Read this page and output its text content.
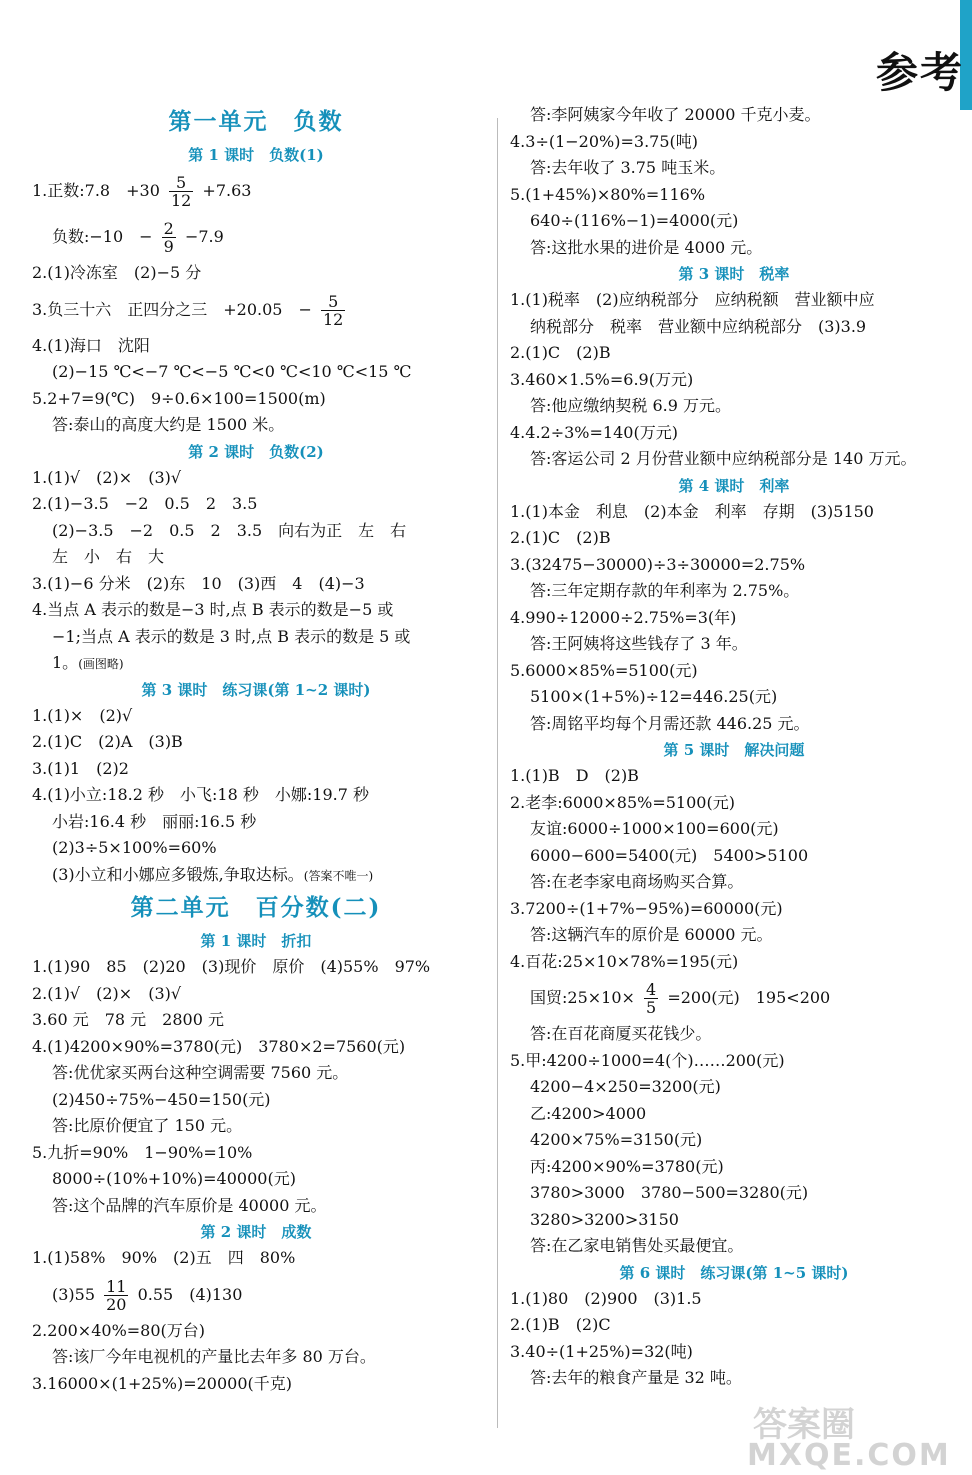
参考
第一单元　负数
第 1 课时　负数(1)
1.正数:7.8　$+30 \frac{5}{12} +7.63$
负数:−10　− $\frac{2}{9} -7.9$
2.(1)冷冻室　(2)−5 分
3.负三十六　正四分之三　+20.05　− $\frac{5}{12}$
4.(1)海口　沈阳
(2)−15 ℃<−7 ℃<−5 ℃<0 ℃<10 ℃<15 ℃
5.2+7=9(℃)　9÷0.6×100=1500(m)
答:泰山的高度大约是 1500 米。
第 2 课时　负数(2)
1.(1)√　(2)×　(3)√
2.(1)−3.5　−2　0.5　2　3.5
(2)−3.5　−2　0.5　2　3.5　向右为正　左　右
左　小　右　大
3.(1)−6 分米　(2)东　10　(3)西　4　(4)−3
4.当点 A 表示的数是−3 时,点 B 表示的数是−5 或
−1;当点 A 表示的数是 3 时,点 B 表示的数是 5 或
1。(画图略)
第 3 课时　练习课(第 1~2 课时)
1.(1)×　(2)√
2.(1)C　(2)A　(3)B
3.(1)1　(2)2
4.(1)小立:18.2 秒　小飞:18 秒　小娜:19.7 秒
小岩:16.4 秒　丽丽:16.5 秒
(2)3÷5×100%=60%
(3)小立和小娜应多锻炼,争取达标。(答案不唯一)
第二单元　百分数(二)
第 1 课时　折扣
1.(1)90　85　(2)20　(3)现价　原价　(4)55%　97%
2.(1)√　(2)×　(3)√
3.60 元　78 元　2800 元
4.(1)4200×90%=3780(元)　3780×2=7560(元)
答:优优家买两台这种空调需要 7560 元。
(2)450÷75%−450=150(元)
答:比原价便宜了 150 元。
5.九折=90%　1−90%=10%
8000÷(10%+10%)=40000(元)
答:这个品牌的汽车原价是 40000 元。
第 2 课时　成数
1.(1)58%　90%　(2)五　四　80%
$(3)55 \frac{11}{20} 0.55$　(4)130
2.200×40%=80(万台)
答:该厂今年电视机的产量比去年多 80 万台。
3.16000×(1+25%)=20000(千克)
答:李阿姨家今年收了 20000 千克小麦。
4.3÷(1−20%)=3.75(吨)
答:去年收了 3.75 吨玉米。
5.(1+45%)×80%=116%
640÷(116%−1)=4000(元)
答:这批水果的进价是 4000 元。
第 3 课时　税率
1.(1)税率　(2)应纳税部分　应纳税额　营业额中应
纳税部分　税率　营业额中应纳税部分　(3)3.9
2.(1)C　(2)B
3.460×1.5%=6.9(万元)
答:他应缴纳契税 6.9 万元。
4.4.2÷3%=140(万元)
答:客运公司 2 月份营业额中应纳税部分是 140 万元。
第 4 课时　利率
1.(1)本金　利息　(2)本金　利率　存期　(3)5150
2.(1)C　(2)B
3.(32475−30000)÷3÷30000=2.75%
答:三年定期存款的年利率为 2.75%。
4.990÷12000÷2.75%=3(年)
答:王阿姨将这些钱存了 3 年。
5.6000×85%=5100(元)
5100×(1+5%)÷12=446.25(元)
答:周铭平均每个月需还款 446.25 元。
第 5 课时　解决问题
1.(1)B　D　(2)B
2.老李:6000×85%=5100(元)
友谊:6000÷1000×100=600(元)
6000−600=5400(元)　5400>5100
答:在老李家电商场购买合算。
3.7200÷(1+7%−95%)=60000(元)
答:这辆汽车的原价是 60000 元。
4.百花:25×10×78%=195(元)
国贸:25×10× $\frac{4}{5} =200$(元)　195<200
答:在百花商厦买花钱少。
5.甲:4200÷1000=4(个)……200(元)
4200−4×250=3200(元)
乙:4200>4000
4200×75%=3150(元)
丙:4200×90%=3780(元)
3780>3000　3780−500=3280(元)
3280>3200>3150
答:在乙家电销售处买最便宜。
第 6 课时　练习课(第 1~5 课时)
1.(1)80　(2)900　(3)1.5
2.(1)B　(2)C
3.40÷(1+25%)=32(吨)
答:去年的粮食产量是 32 吨。
答案圈
MXQE.COM
